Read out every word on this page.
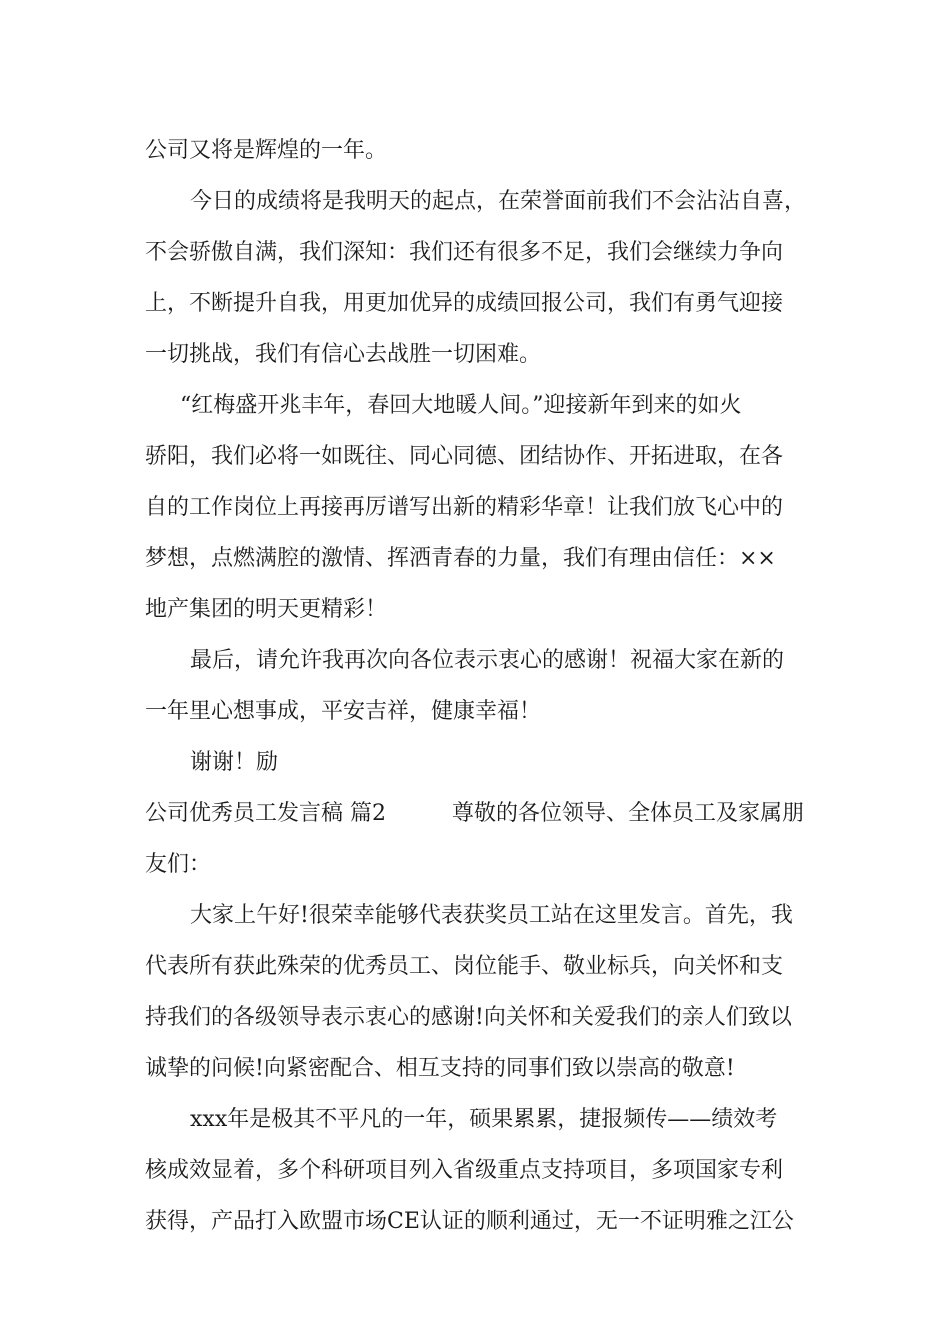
公司又将是辉煌的一年。
今日的成绩将是我明天的起点，在荣誉面前我们不会沾沾自喜，
不会骄傲自满，我们深知：我们还有很多不足，我们会继续力争向
上，不断提升自我，用更加优异的成绩回报公司，我们有勇气迎接
一切挑战，我们有信心去战胜一切困难。
“红梅盛开兆丰年，春回大地暖人间。”迎接新年到来的如火
骄阳，我们必将一如既往、同心同德、团结协作、开拓进取，在各
自的工作岗位上再接再厉谱写出新的精彩华章！让我们放飞心中的
梦想，点燃满腔的激情、挥洒青春的力量，我们有理由信任：××
地产集团的明天更精彩！
最后，请允许我再次向各位表示衷心的感谢！祝福大家在新的
一年里心想事成，平安吉祥，健康幸福！
谢谢！励
公司优秀员工发言稿 篇2　　　尊敬的各位领导、全体员工及家属朋
友们：
大家上午好!很荣幸能够代表获奖员工站在这里发言。首先，我
代表所有获此殊荣的优秀员工、岗位能手、敬业标兵，向关怀和支
持我们的各级领导表示衷心的感谢!向关怀和关爱我们的亲人们致以
诚挚的问候!向紧密配合、相互支持的同事们致以崇高的敬意!
xxx年是极其不平凡的一年，硕果累累，捷报频传——绩效考
核成效显着，多个科研项目列入省级重点支持项目，多项国家专利
获得，产品打入欧盟市场CE认证的顺利通过，无一不证明雅之江公
